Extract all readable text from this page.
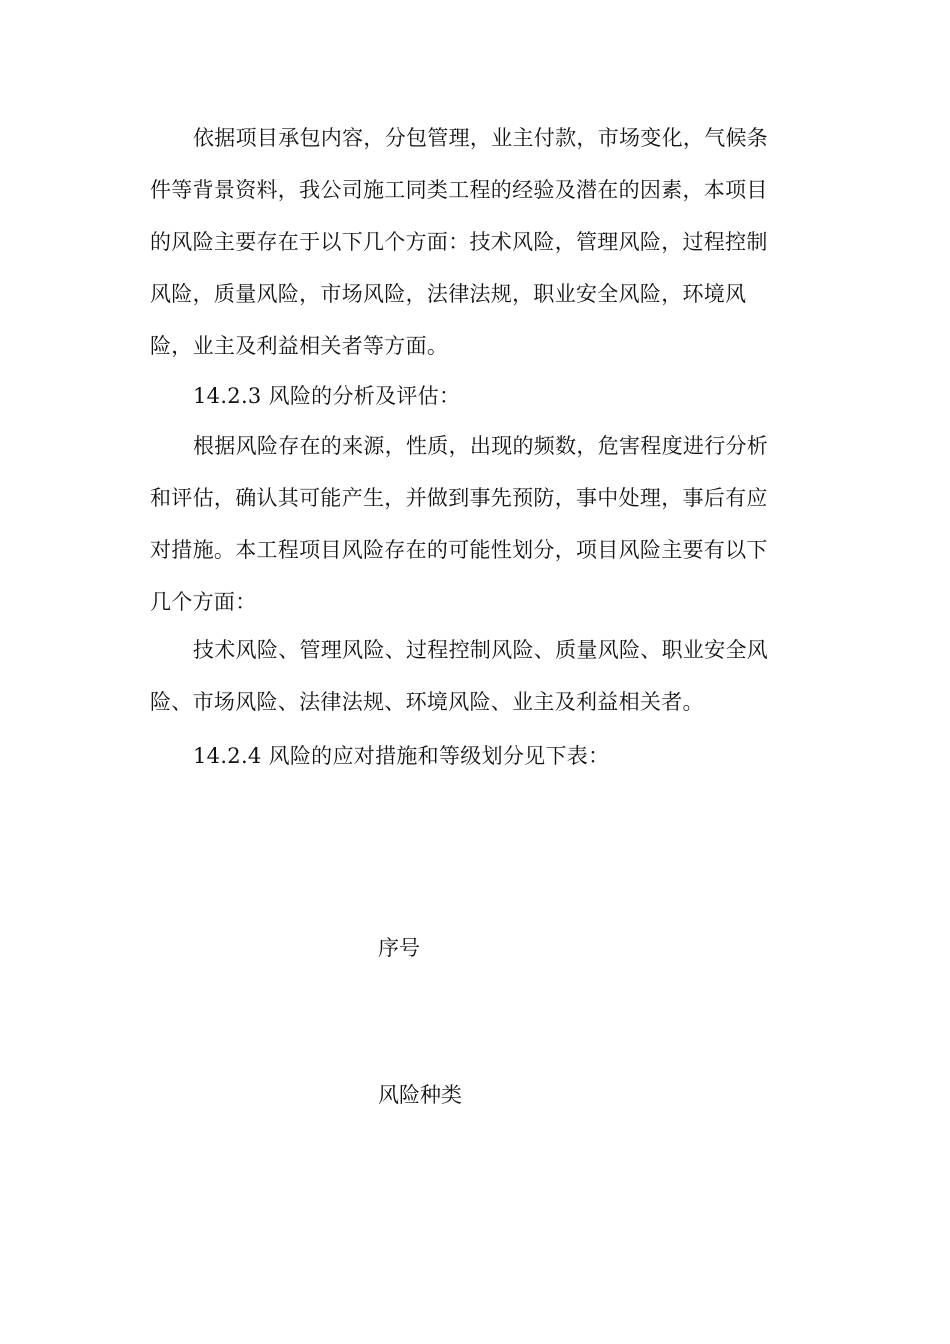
依据项目承包内容，分包管理，业主付款，市场变化，气候条
件等背景资料，我公司施工同类工程的经验及潜在的因素，本项目
的风险主要存在于以下几个方面：技术风险，管理风险，过程控制
风险，质量风险，市场风险，法律法规，职业安全风险，环境风
险，业主及利益相关者等方面。
14.2.3 风险的分析及评估：
根据风险存在的来源，性质，出现的频数，危害程度进行分析
和评估，确认其可能产生，并做到事先预防，事中处理，事后有应
对措施。本工程项目风险存在的可能性划分，项目风险主要有以下
几个方面：
技术风险、管理风险、过程控制风险、质量风险、职业安全风
险、市场风险、法律法规、环境风险、业主及利益相关者。
14.2.4 风险的应对措施和等级划分见下表：

序号

风险种类
